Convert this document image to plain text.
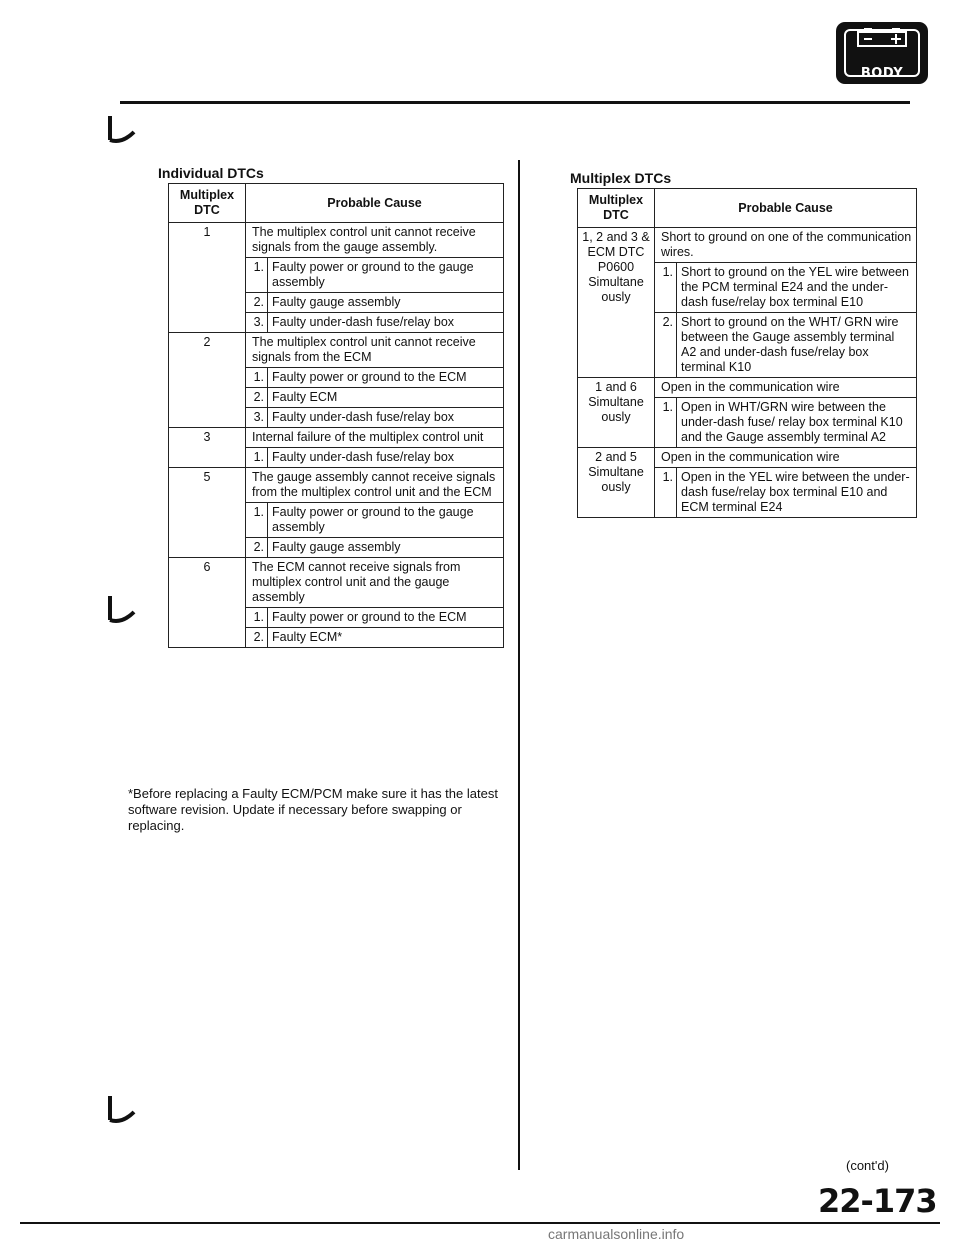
BODY
Individual DTCs
Multiplex DTC	Probable Cause	
1	The multiplex control unit cannot receive signals from the gauge assembly.	
	1.	Faulty power or ground to the gauge assembly
	2.	Faulty gauge assembly
	3.	Faulty under-dash fuse/relay box
2	The multiplex control unit cannot receive signals from the ECM	
	1.	Faulty power or ground to the ECM
	2.	Faulty ECM
	3.	Faulty under-dash fuse/relay box
3	Internal failure of the multiplex control unit	
	1.	Faulty under-dash fuse/relay box
5	The gauge assembly cannot receive signals from the multiplex control unit and the ECM	
	1.	Faulty power or ground to the gauge assembly
	2.	Faulty gauge assembly
6	The ECM cannot receive signals from multiplex control unit and the gauge assembly	
	1.	Faulty power or ground to the ECM
	2.	Faulty ECM*
*Before replacing a Faulty ECM/PCM make sure it has the latest software revision. Update if necessary before swapping or replacing.
Multiplex DTCs
Multiplex DTC	Probable Cause	
1, 2 and 3 & ECM DTC P0600 Simultane ously	Short to ground on one of the communication wires.	
	1.	Short to ground on the YEL wire between the PCM terminal E24 and the under-dash fuse/relay box terminal E10
	2.	Short to ground on the WHT/ GRN wire between the Gauge assembly terminal A2 and under-dash fuse/relay box terminal K10
1 and 6 Simultane ously	Open in the communication wire	
	1.	Open in WHT/GRN wire between the under-dash fuse/ relay box terminal K10 and the Gauge assembly terminal A2
2 and 5 Simultane ously	Open in the communication wire	
	1.	Open in the YEL wire between the under-dash fuse/relay box terminal E10 and ECM terminal E24
(cont'd)
22-173
carmanualsonline.info
